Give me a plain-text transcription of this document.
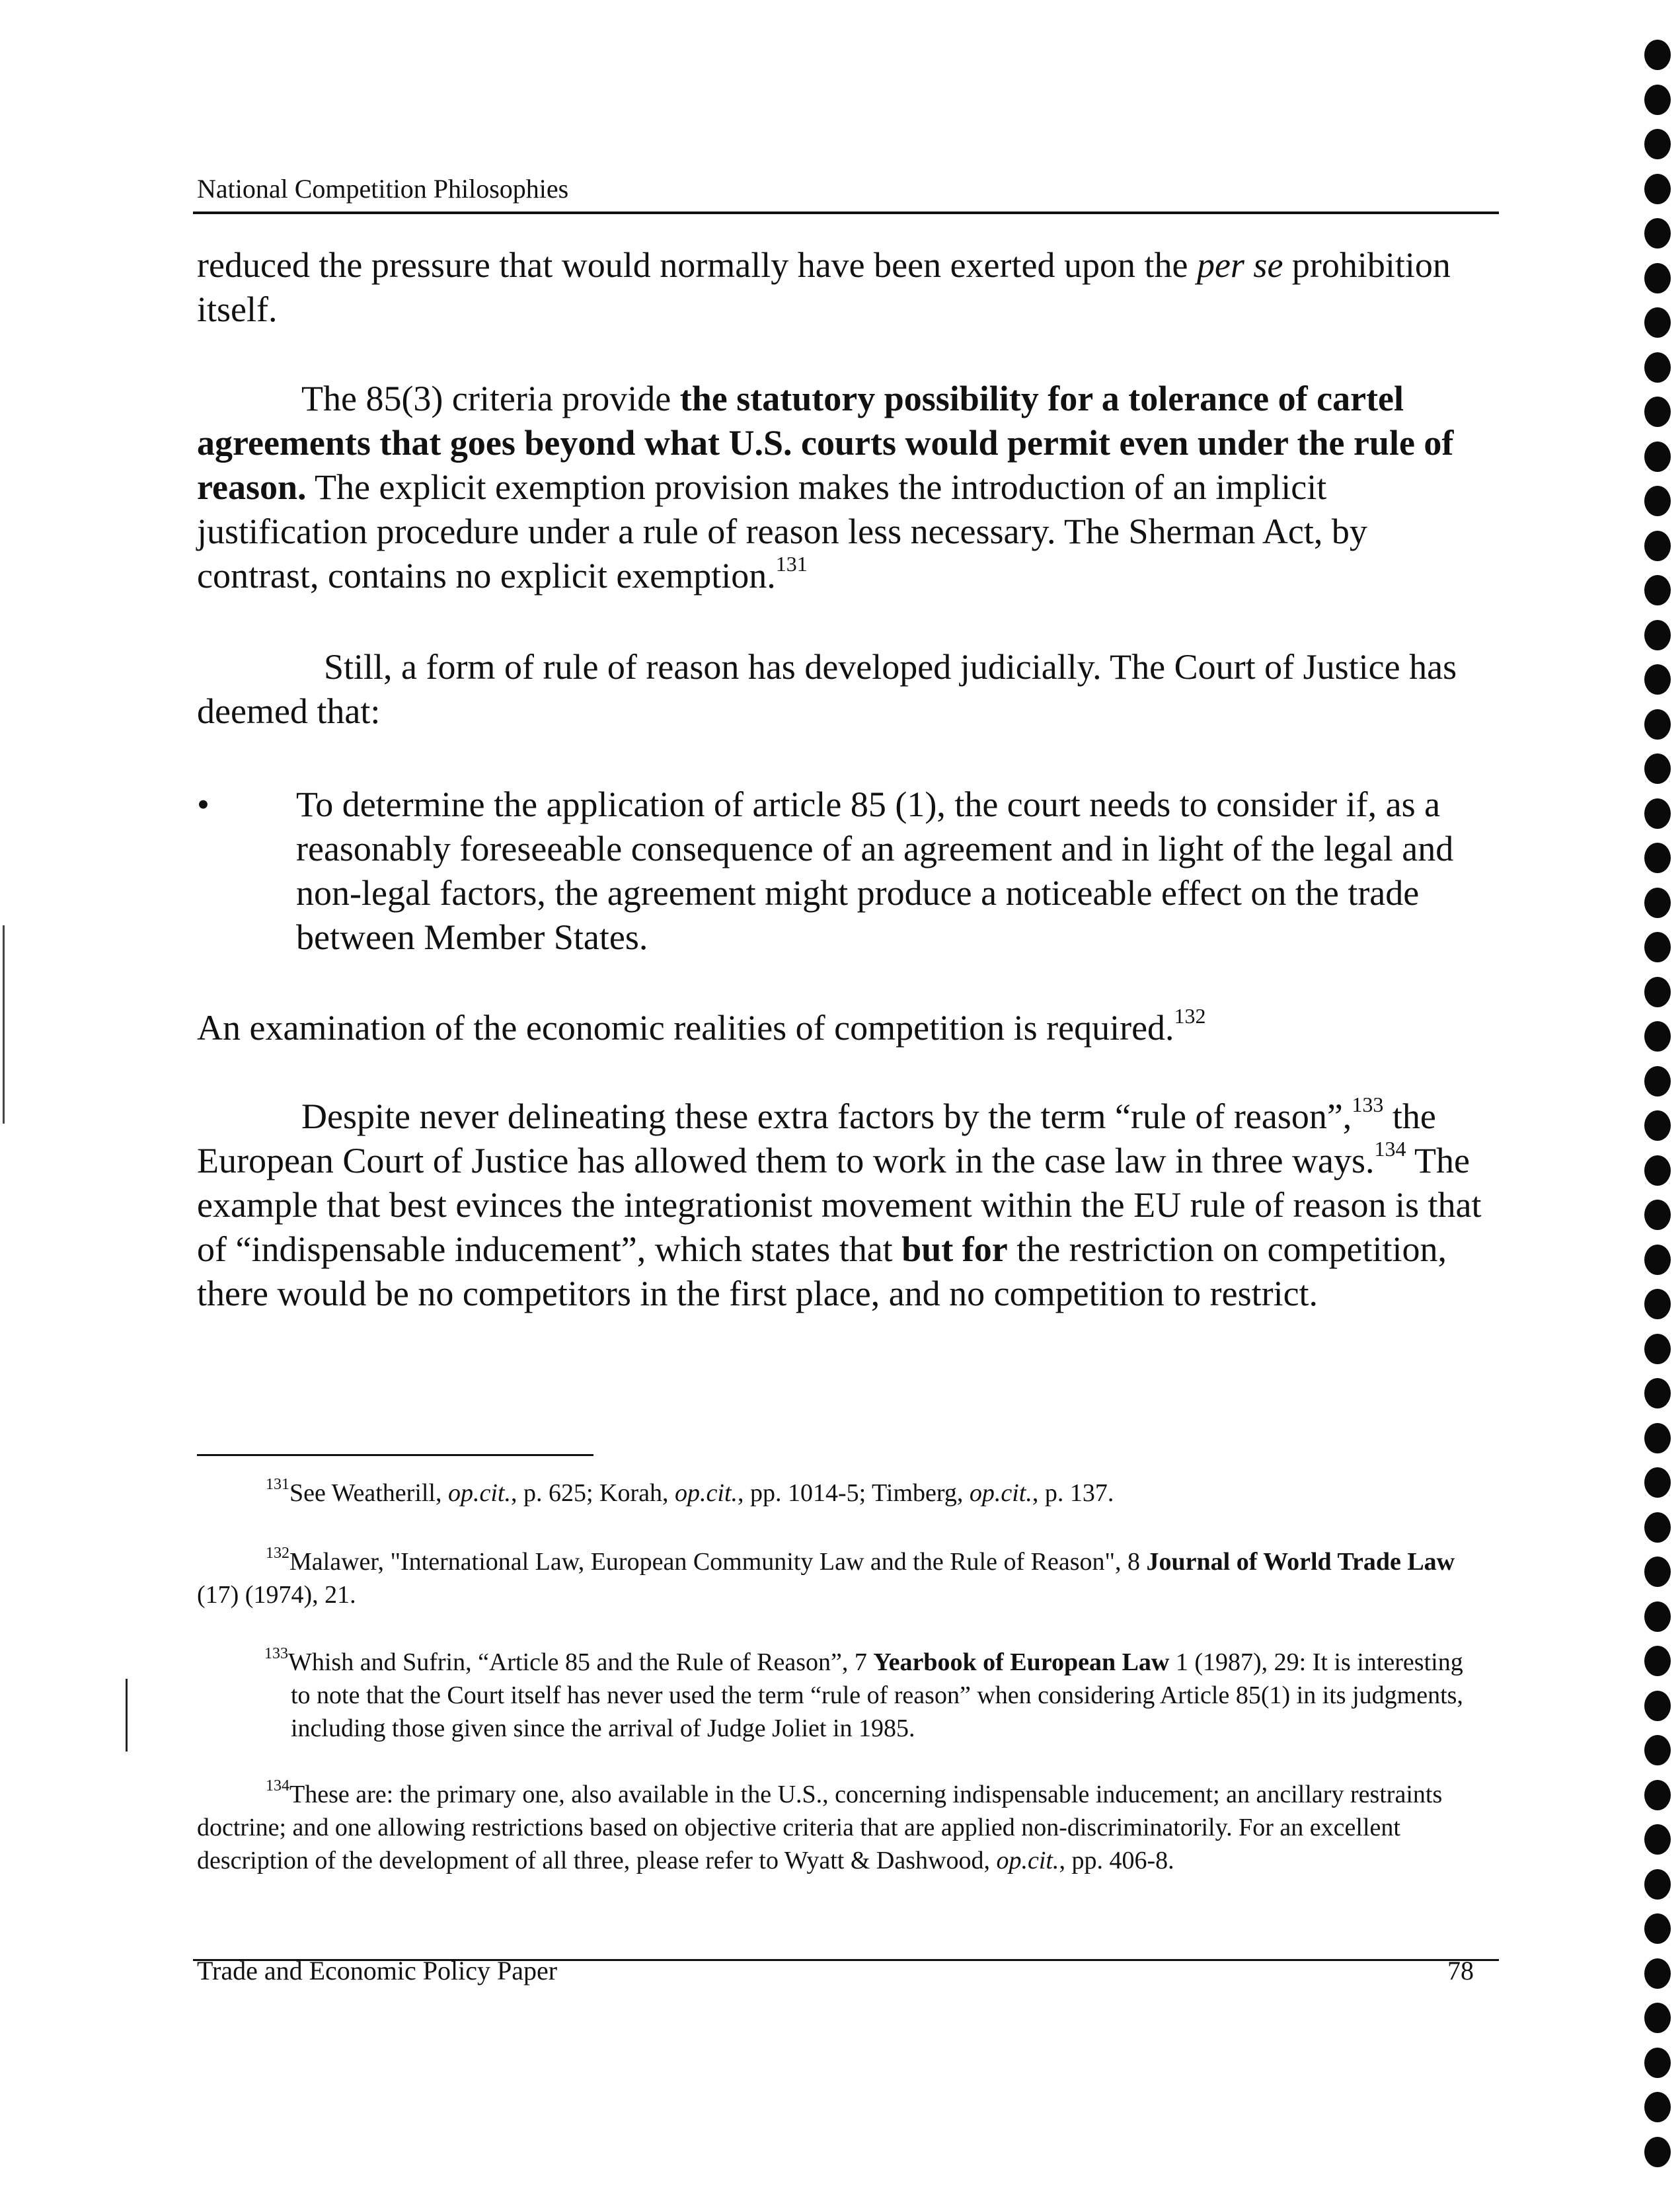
National Competition Philosophies

reduced the pressure that would normally have been exerted upon the per se prohibition itself.

The 85(3) criteria provide the statutory possibility for a tolerance of cartel agreements that goes beyond what U.S. courts would permit even under the rule of reason. The explicit exemption provision makes the introduction of an implicit justification procedure under a rule of reason less necessary. The Sherman Act, by contrast, contains no explicit exemption.$^{131}$

Still, a form of rule of reason has developed judicially. The Court of Justice has deemed that:

• To determine the application of article 85 (1), the court needs to consider if, as a reasonably foreseeable consequence of an agreement and in light of the legal and non-legal factors, the agreement might produce a noticeable effect on the trade between Member States.

An examination of the economic realities of competition is required.$^{132}$

Despite never delineating these extra factors by the term “rule of reason”,$^{133}$ the European Court of Justice has allowed them to work in the case law in three ways.$^{134}$ The example that best evinces the integrationist movement within the EU rule of reason is that of “indispensable inducement”, which states that but for the restriction on competition, there would be no competitors in the first place, and no competition to restrict.

$^{131}$See Weatherill, op.cit., p. 625; Korah, op.cit., pp. 1014-5; Timberg, op.cit., p. 137.

$^{132}$Malawer, "International Law, European Community Law and the Rule of Reason", 8 Journal of World Trade Law (17) (1974), 21.

$^{133}$Whish and Sufrin, “Article 85 and the Rule of Reason”, 7 Yearbook of European Law 1 (1987), 29: It is interesting to note that the Court itself has never used the term “rule of reason” when considering Article 85(1) in its judgments, including those given since the arrival of Judge Joliet in 1985.

$^{134}$These are: the primary one, also available in the U.S., concerning indispensable inducement; an ancillary restraints doctrine; and one allowing restrictions based on objective criteria that are applied non-discriminatorily. For an excellent description of the development of all three, please refer to Wyatt & Dashwood, op.cit., pp. 406-8.

Trade and Economic Policy Paper	78
